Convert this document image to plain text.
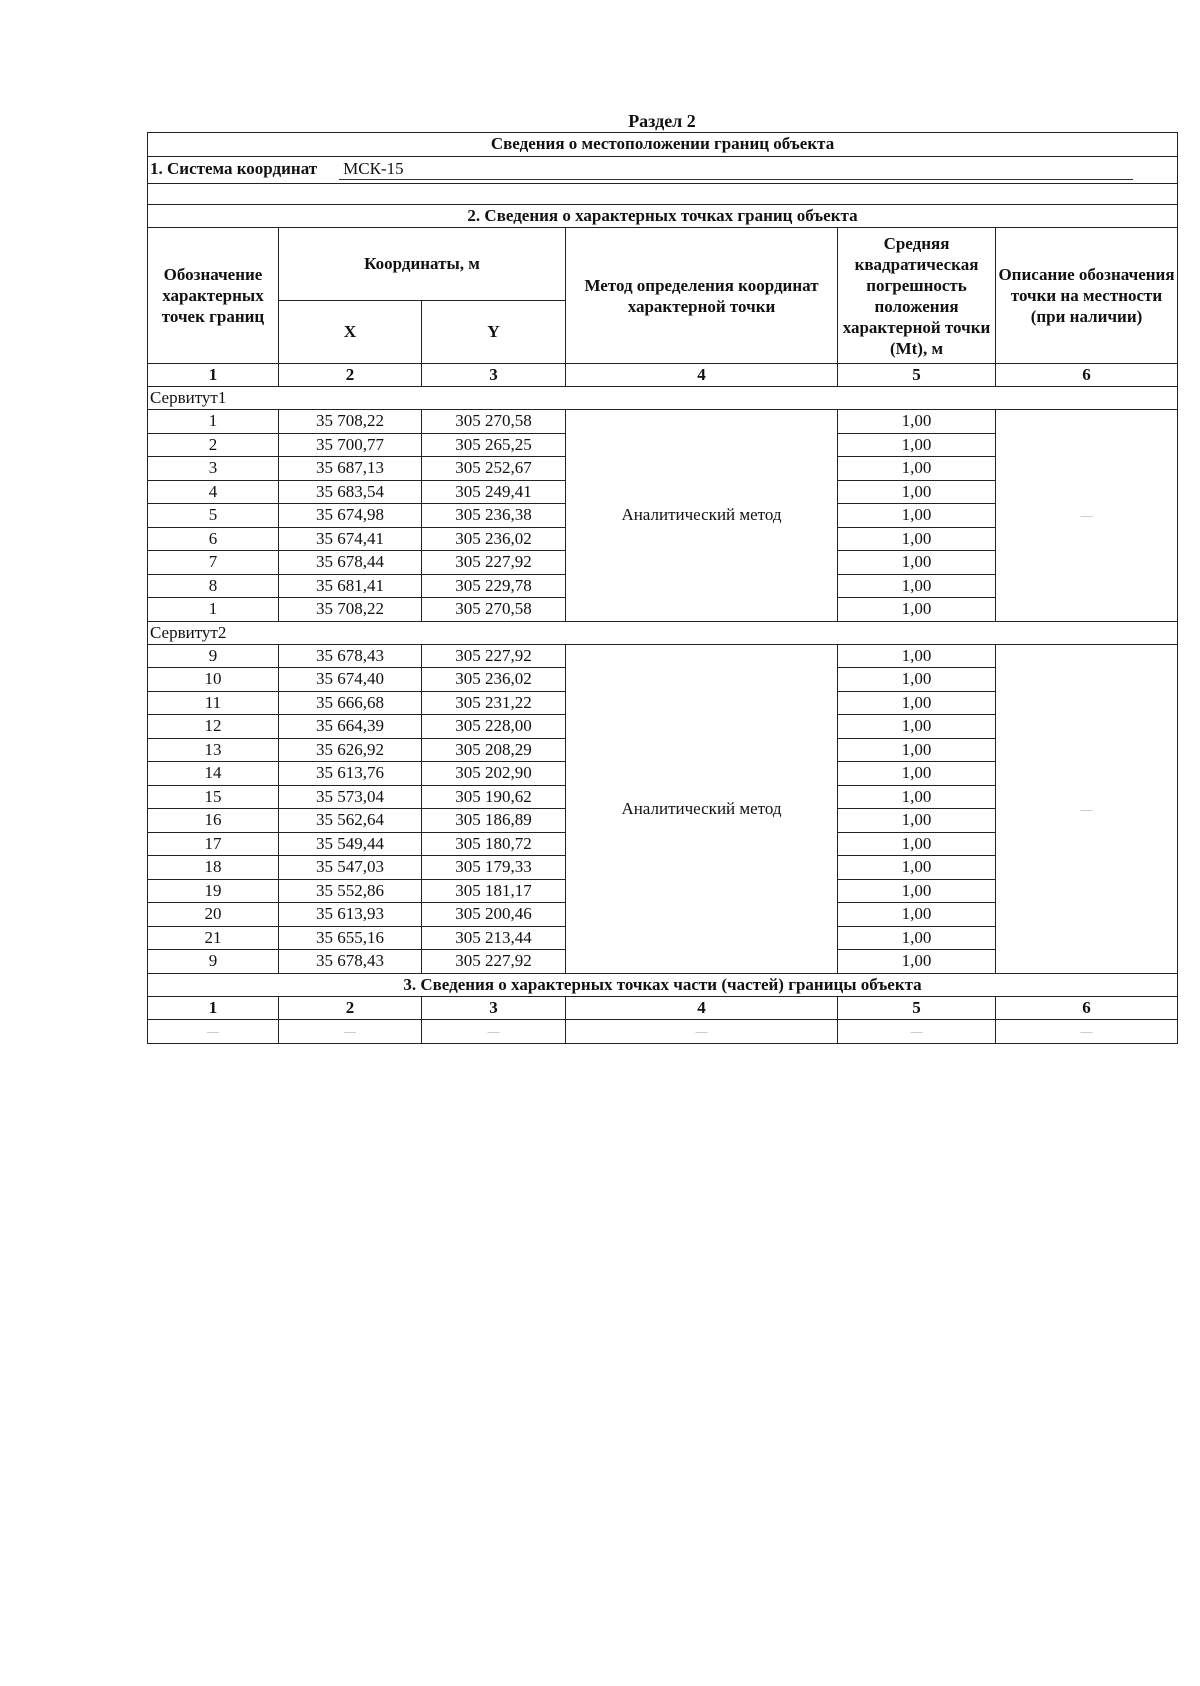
Раздел 2
Сведения о местоположении границ объекта					
1. Система координат МСК-15					

2. Сведения о характерных точках границ объекта					
Обозначение характерных точек границ	Координаты, м		Метод определения координат характерной точки	Средняя квадратическая погрешность положения характерной точки (Mt), м	Описание обозначения точки на местности (при наличии)
	X	Y			
1	2	3	4	5	6
Сервитут1					
1	35 708,22	305 270,58	Аналитический метод	1,00	—
2	35 700,77	305 265,25		1,00	
3	35 687,13	305 252,67		1,00	
4	35 683,54	305 249,41		1,00	
5	35 674,98	305 236,38		1,00	
6	35 674,41	305 236,02		1,00	
7	35 678,44	305 227,92		1,00	
8	35 681,41	305 229,78		1,00	
1	35 708,22	305 270,58		1,00	
Сервитут2					
9	35 678,43	305 227,92	Аналитический метод	1,00	—
10	35 674,40	305 236,02		1,00	
11	35 666,68	305 231,22		1,00	
12	35 664,39	305 228,00		1,00	
13	35 626,92	305 208,29		1,00	
14	35 613,76	305 202,90		1,00	
15	35 573,04	305 190,62		1,00	
16	35 562,64	305 186,89		1,00	
17	35 549,44	305 180,72		1,00	
18	35 547,03	305 179,33		1,00	
19	35 552,86	305 181,17		1,00	
20	35 613,93	305 200,46		1,00	
21	35 655,16	305 213,44		1,00	
9	35 678,43	305 227,92		1,00	
3. Сведения о характерных точках части (частей) границы объекта					
1	2	3	4	5	6
—	—	—	—	—	—
